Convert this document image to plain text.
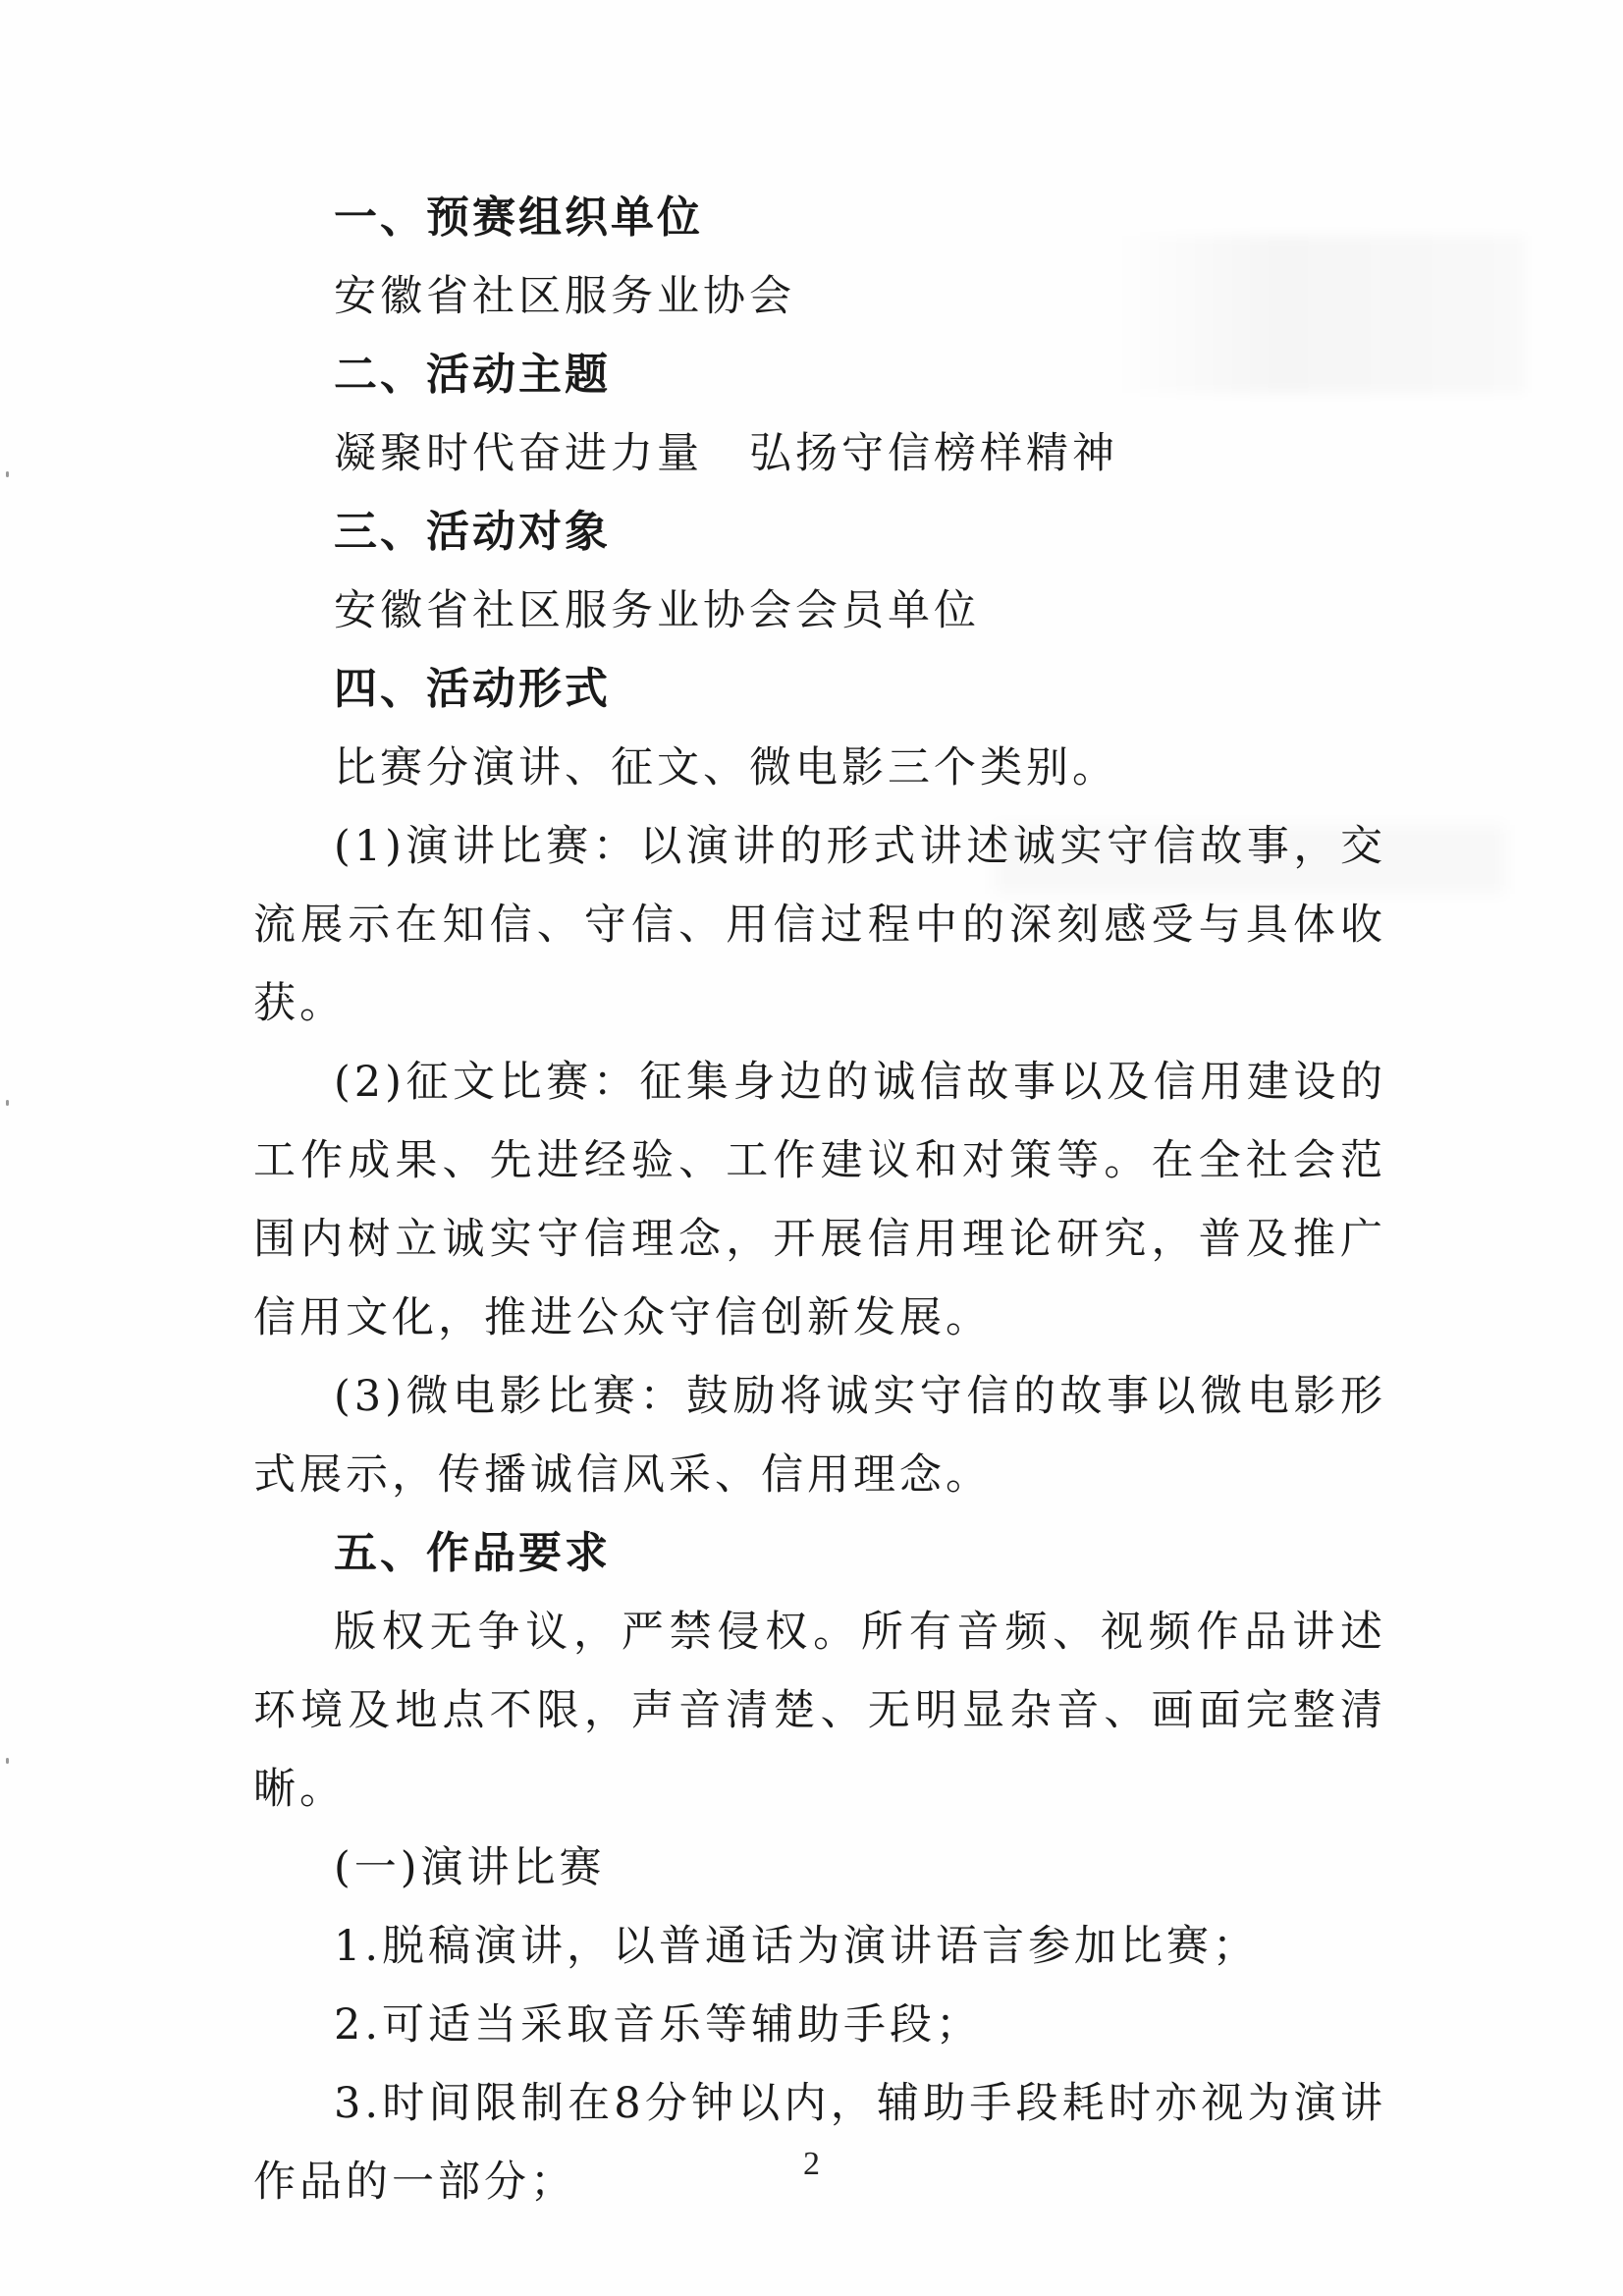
一、预赛组织单位
安徽省社区服务业协会
二、活动主题
凝聚时代奋进力量　弘扬守信榜样精神
三、活动对象
安徽省社区服务业协会会员单位
四、活动形式
比赛分演讲、征文、微电影三个类别。

(1)演讲比赛：以演讲的形式讲述诚实守信故事，交流展示在知信、守信、用信过程中的深刻感受与具体收获。

(2)征文比赛：征集身边的诚信故事以及信用建设的工作成果、先进经验、工作建议和对策等。在全社会范围内树立诚实守信理念，开展信用理论研究，普及推广信用文化，推进公众守信创新发展。

(3)微电影比赛：鼓励将诚实守信的故事以微电影形式展示，传播诚信风采、信用理念。

五、作品要求

版权无争议，严禁侵权。所有音频、视频作品讲述环境及地点不限，声音清楚、无明显杂音、画面完整清晰。

(一)演讲比赛
1.脱稿演讲，以普通话为演讲语言参加比赛；
2.可适当采取音乐等辅助手段；

3.时间限制在8分钟以内，辅助手段耗时亦视为演讲作品的一部分；	2
